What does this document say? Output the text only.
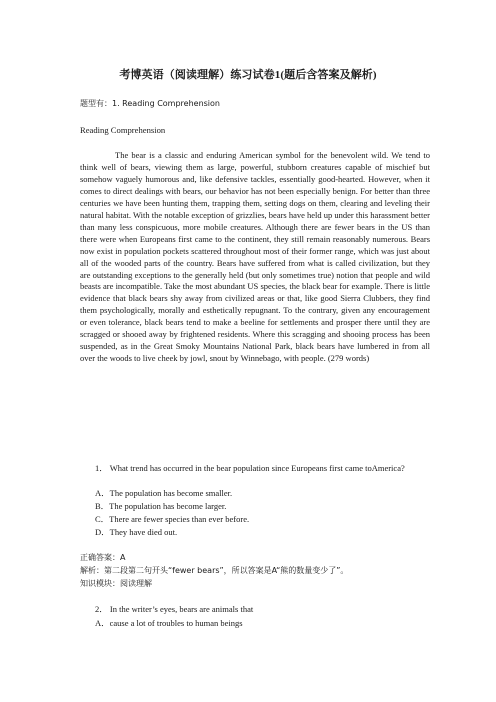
考博英语（阅读理解）练习试卷1(题后含答案及解析)
题型有：1. Reading Comprehension
Reading Comprehension
The bear is a classic and enduring American symbol for the benevolent wild. We tend to think well of bears, viewing them as large, powerful, stubborn creatures capable of mischief but somehow vaguely humorous and, like defensive tackles, essentially good-hearted. However, when it comes to direct dealings with bears, our behavior has not been especially benign. For better than three centuries we have been hunting them, trapping them, setting dogs on them, clearing and leveling their natural habitat. With the notable exception of grizzlies, bears have held up under this harassment better than many less conspicuous, more mobile creatures. Although there are fewer bears in the US than there were when Europeans first came to the continent, they still remain reasonably numerous. Bears now exist in population pockets scattered throughout most of their former range, which was just about all of the wooded parts of the country. Bears have suffered from what is called civilization, but they are outstanding exceptions to the generally held (but only sometimes true) notion that people and wild beasts are incompatible. Take the most abundant US species, the black bear for example. There is little evidence that black bears shy away from civilized areas or that, like good Sierra Clubbers, they find them psychologically, morally and esthetically repugnant. To the contrary, given any encouragement or even tolerance, black bears tend to make a beeline for settlements and prosper there until they are scragged or shooed away by frightened residents. Where this scragging and shooing process has been suspended, as in the Great Smoky Mountains National Park, black bears have lumbered in from all over the woods to live cheek by jowl, snout by Winnebago, with people. (279 words)
1． What trend has occurred in the bear population since Europeans first came toAmerica?
A．The population has become smaller.
B．The population has become larger.
C．There are fewer species than ever before.
D．They have died out.
正确答案：A
解析：第二段第二句开头“fewer bears”，所以答案是A“熊的数量变少了”。
知识模块：阅读理解
2． In the writer’s eyes, bears are animals that
A．cause a lot of troubles to human beings
